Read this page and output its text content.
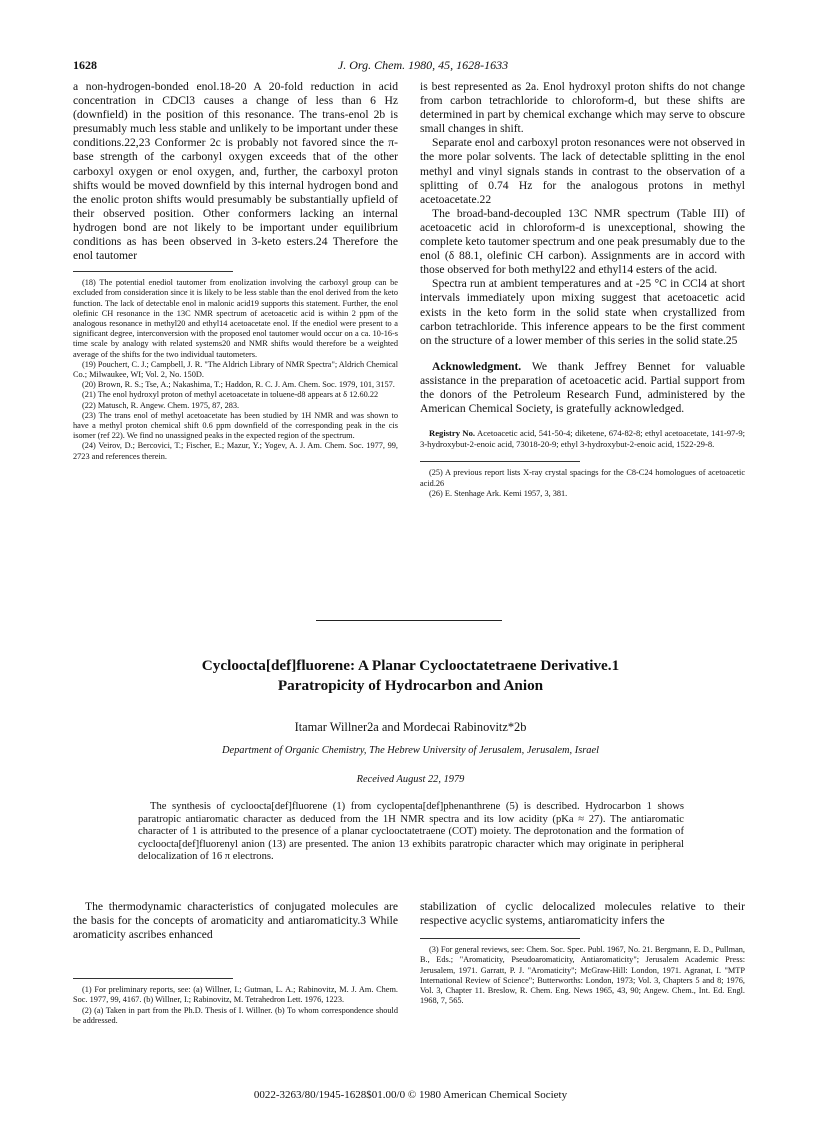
1628	J. Org. Chem. 1980, 45, 1628-1633

a non-hydrogen-bonded enol.18-20 A 20-fold reduction in acid concentration in CDCl3 causes a change of less than 6 Hz (downfield) in the position of this resonance. The trans-enol 2b is presumably much less stable and unlikely to be important under these conditions.22,23 Conformer 2c is probably not favored since the π-base strength of the carbonyl oxygen exceeds that of the other carboxyl oxygen or enol oxygen, and, further, the carboxyl proton shifts would be moved downfield by this internal hydrogen bond and the enolic proton shifts would presumably be substantially upfield of their observed position. Other conformers lacking an internal hydrogen bond are not likely to be important under equilibrium conditions as has been observed in 3-keto esters.24 Therefore the enol tautomer

(18) The potential enediol tautomer from enolization involving the carboxyl group can be excluded from consideration since it is likely to be less stable than the enol derived from the keto function. The lack of detectable enol in malonic acid19 supports this statement. Further, the enol olefinic CH resonance in the 13C NMR spectrum of acetoacetic acid is within 2 ppm of the analogous resonance in methyl20 and ethyl14 acetoacetate enol. If the enediol were present to a significant degree, interconversion with the proposed enol tautomer would occur on a ca. 10-16-s time scale by analogy with related systems20 and NMR shifts would therefore be a weighted average of the shifts for the two individual tautometers.

(19) Pouchert, C. J.; Campbell, J. R. "The Aldrich Library of NMR Spectra"; Aldrich Chemical Co.; Milwaukee, WI; Vol. 2, No. 150D.

(20) Brown, R. S.; Tse, A.; Nakashima, T.; Haddon, R. C. J. Am. Chem. Soc. 1979, 101, 3157.

(21) The enol hydroxyl proton of methyl acetoacetate in toluene-d8 appears at δ 12.60.22

(22) Matusch, R. Angew. Chem. 1975, 87, 283.

(23) The trans enol of methyl acetoacetate has been studied by 1H NMR and was shown to have a methyl proton chemical shift 0.6 ppm downfield of the corresponding peak in the cis isomer (ref 22). We find no unassigned peaks in the expected region of the spectrum.

(24) Veirov, D.; Bercovici, T.; Fischer, E.; Mazur, Y.; Yogev, A. J. Am. Chem. Soc. 1977, 99, 2723 and references therein.

is best represented as 2a. Enol hydroxyl proton shifts do not change from carbon tetrachloride to chloroform-d, but these shifts are determined in part by chemical exchange which may serve to obscure small changes in shift.

Separate enol and carboxyl proton resonances were not observed in the more polar solvents. The lack of detectable splitting in the enol methyl and vinyl signals stands in contrast to the observation of a splitting of 0.74 Hz for the analogous protons in methyl acetoacetate.22

The broad-band-decoupled 13C NMR spectrum (Table III) of acetoacetic acid in chloroform-d is unexceptional, showing the complete keto tautomer spectrum and one peak presumably due to the enol (δ 88.1, olefinic CH carbon). Assignments are in accord with those observed for both methyl22 and ethyl14 esters of the acid.

Spectra run at ambient temperatures and at -25 °C in CCl4 at short intervals immediately upon mixing suggest that acetoacetic acid exists in the keto form in the solid state when crystallized from carbon tetrachloride. This inference appears to be the first comment on the structure of a lower member of this series in the solid state.25

Acknowledgment. We thank Jeffrey Bennet for valuable assistance in the preparation of acetoacetic acid. Partial support from the donors of the Petroleum Research Fund, administered by the American Chemical Society, is gratefully acknowledged.

Registry No. Acetoacetic acid, 541-50-4; diketene, 674-82-8; ethyl acetoacetate, 141-97-9; 3-hydroxybut-2-enoic acid, 73018-20-9; ethyl 3-hydroxybut-2-enoic acid, 1522-29-8.

(25) A previous report lists X-ray crystal spacings for the C8-C24 homologues of acetoacetic acid.26

(26) E. Stenhage Ark. Kemi 1957, 3, 381.

Cycloocta[def]fluorene: A Planar Cyclooctatetraene Derivative.1
Paratropicity of Hydrocarbon and Anion
Itamar Willner2a and Mordecai Rabinovitz*2b
Department of Organic Chemistry, The Hebrew University of Jerusalem, Jerusalem, Israel
Received August 22, 1979

The synthesis of cycloocta[def]fluorene (1) from cyclopenta[def]phenanthrene (5) is described. Hydrocarbon 1 shows paratropic antiaromatic character as deduced from the 1H NMR spectra and its low acidity (pKa ≈ 27). The antiaromatic character of 1 is attributed to the presence of a planar cyclooctatetraene (COT) moiety. The deprotonation and the formation of cycloocta[def]fluorenyl anion (13) are presented. The anion 13 exhibits paratropic character which may originate in peripheral delocalization of 16 π electrons.

The thermodynamic characteristics of conjugated molecules are the basis for the concepts of aromaticity and antiaromaticity.3 While aromaticity ascribes enhanced

(1) For preliminary reports, see: (a) Willner, I.; Gutman, L. A.; Rabinovitz, M. J. Am. Chem. Soc. 1977, 99, 4167. (b) Willner, I.; Rabinovitz, M. Tetrahedron Lett. 1976, 1223.

(2) (a) Taken in part from the Ph.D. Thesis of I. Willner. (b) To whom correspondence should be addressed.

stabilization of cyclic delocalized molecules relative to their respective acyclic systems, antiaromaticity infers the

(3) For general reviews, see: Chem. Soc. Spec. Publ. 1967, No. 21. Bergmann, E. D., Pullman, B., Eds.; "Aromaticity, Pseudoaromaticity, Antiaromaticity"; Jerusalem Academic Press: Jerusalem, 1971. Garratt, P. J. "Aromaticity"; McGraw-Hill: London, 1971. Agranat, I. "MTP International Review of Science"; Butterworths: London, 1973; Vol. 3, Chapters 5 and 8; 1976, Vol. 3, Chapter 11. Breslow, R. Chem. Eng. News 1965, 43, 90; Angew. Chem., Int. Ed. Engl. 1968, 7, 565.

0022-3263/80/1945-1628$01.00/0 © 1980 American Chemical Society
